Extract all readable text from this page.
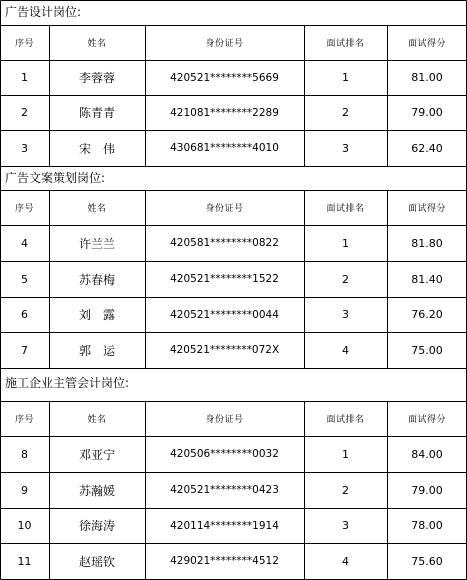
广告设计岗位:
序号	姓名	身份证号	面试排名	面试得分
1	李蓉蓉	420521********5669	1	81.00
2	陈青青	421081********2289	2	79.00
3	宋　伟	430681********4010	3	62.40
广告文案策划岗位:
序号	姓名	身份证号	面试排名	面试得分
4	许兰兰	420581********0822	1	81.80
5	苏春梅	420521********1522	2	81.40
6	刘　露	420521********0044	3	76.20
7	郭　运	420521********072X	4	75.00
施工企业主管会计岗位:
序号	姓名	身份证号	面试排名	面试得分
8	邓亚宁	420506********0032	1	84.00
9	苏瀚媛	420521********0423	2	79.00
10	徐海涛	420114********1914	3	78.00
11	赵瑶钦	429021********4512	4	75.60
